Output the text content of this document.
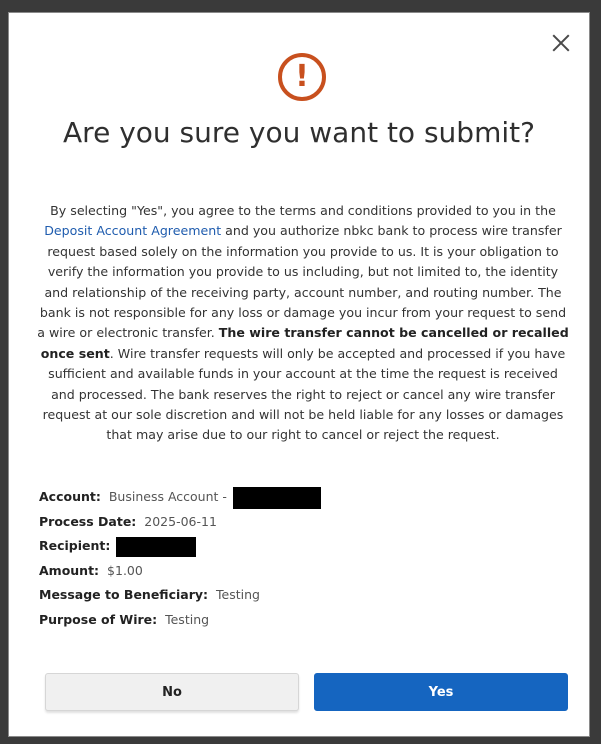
!
Are you sure you want to submit?
By selecting "Yes", you agree to the terms and conditions provided to you in the Deposit Account Agreement and you authorize nbkc bank to process wire transfer request based solely on the information you provide to us. It is your obligation to verify the information you provide to us including, but not limited to, the identity and relationship of the receiving party, account number, and routing number. The bank is not responsible for any loss or damage you incur from your request to send a wire or electronic transfer. The wire transfer cannot be cancelled or recalled once sent. Wire transfer requests will only be accepted and processed if you have sufficient and available funds in your account at the time the request is received and processed. The bank reserves the right to reject or cancel any wire transfer request at our sole discretion and will not be held liable for any losses or damages that may arise due to our right to cancel or reject the request.
Account: Business Account -
Process Date: 2025-06-11
Recipient:
Amount: $1.00
Message to Beneficiary: Testing
Purpose of Wire: Testing
No	Yes
